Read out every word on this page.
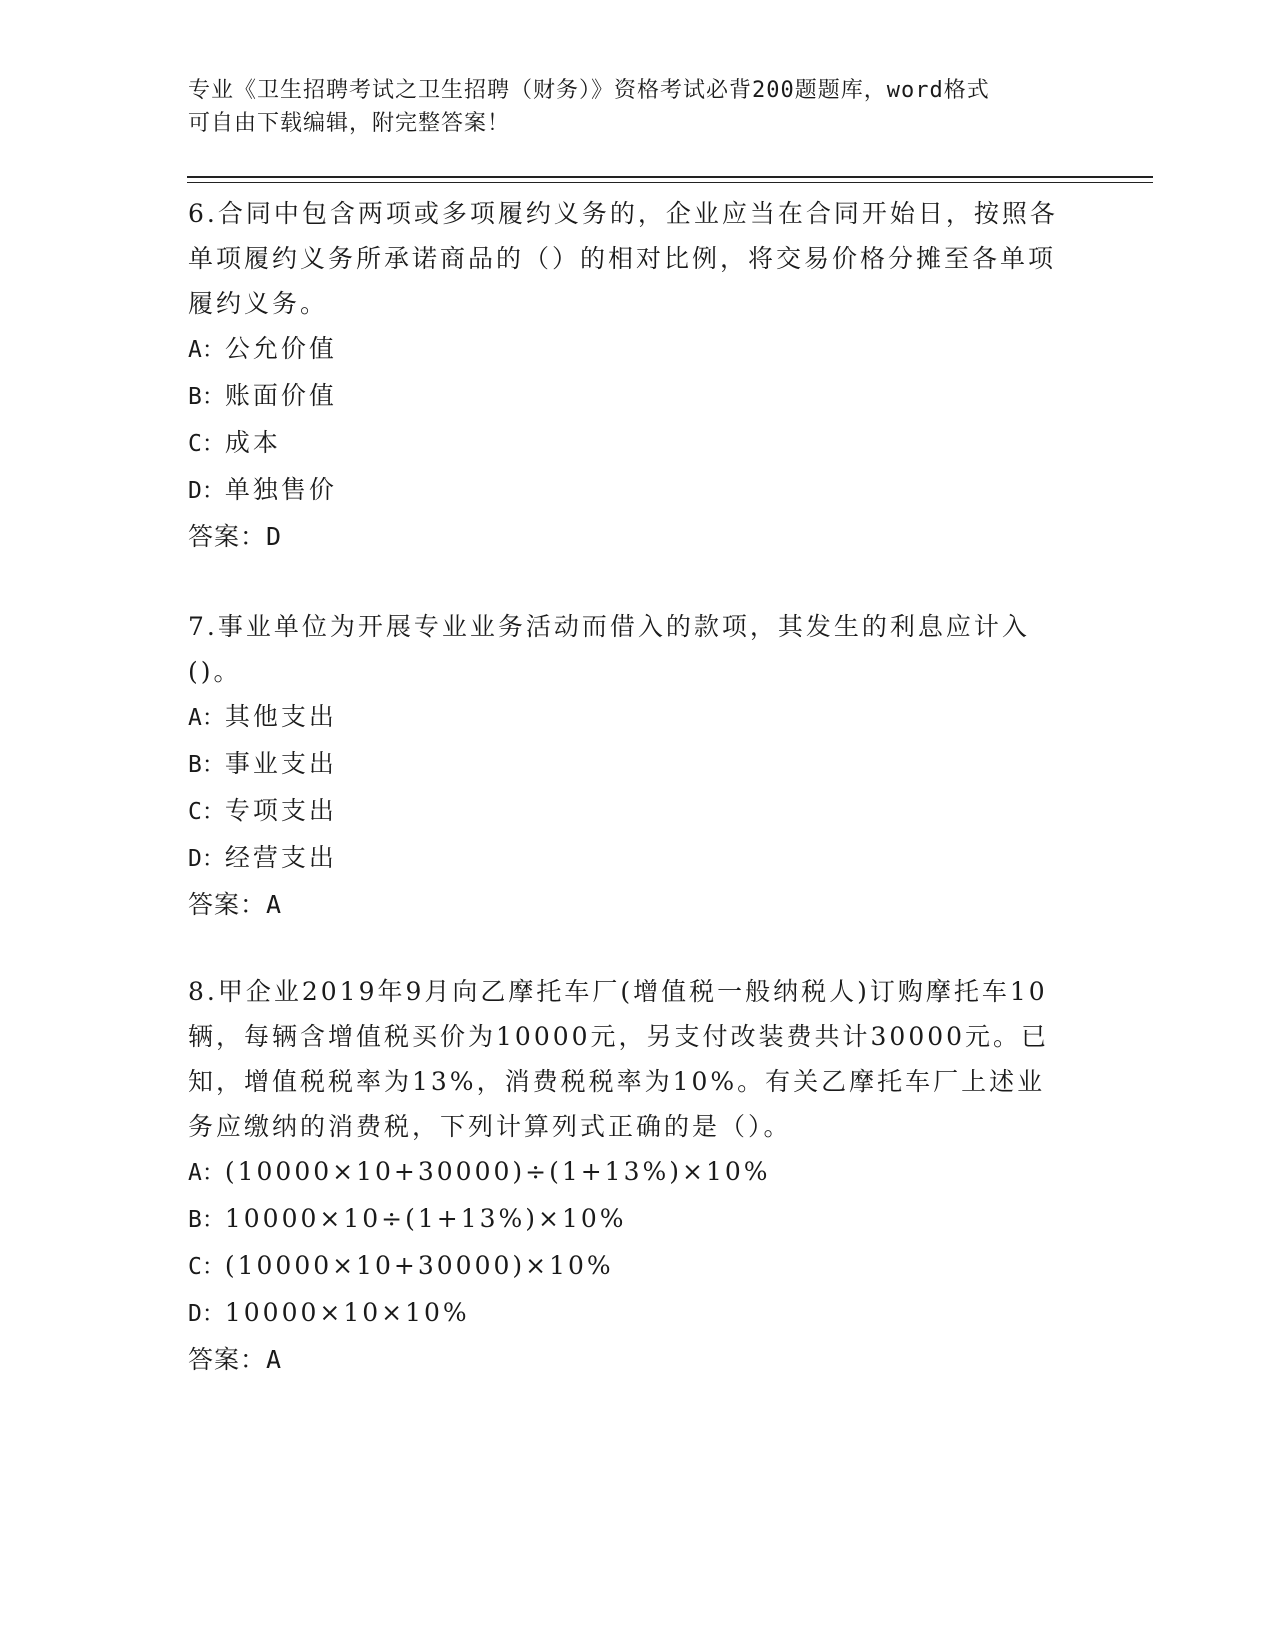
专业《卫生招聘考试之卫生招聘（财务）》资格考试必背200题题库，word格式
可自由下载编辑，附完整答案！

6.合同中包含两项或多项履约义务的，企业应当在合同开始日，按照各单项履约义务所承诺商品的（）的相对比例，将交易价格分摊至各单项履约义务。

A：公允价值

B：账面价值

C：成本

D：单独售价

答案：D

7.事业单位为开展专业业务活动而借入的款项，其发生的利息应计入()。

A：其他支出

B：事业支出

C：专项支出

D：经营支出

答案：A

8.甲企业2019年9月向乙摩托车厂(增值税一般纳税人)订购摩托车10辆，每辆含增值税买价为10000元，另支付改装费共计30000元。已知，增值税税率为13%，消费税税率为10%。有关乙摩托车厂上述业务应缴纳的消费税，下列计算列式正确的是（）。

A：(10000×10+30000)÷(1+13%)×10%

B：10000×10÷(1+13%)×10%

C：(10000×10+30000)×10%

D：10000×10×10%

答案：A
